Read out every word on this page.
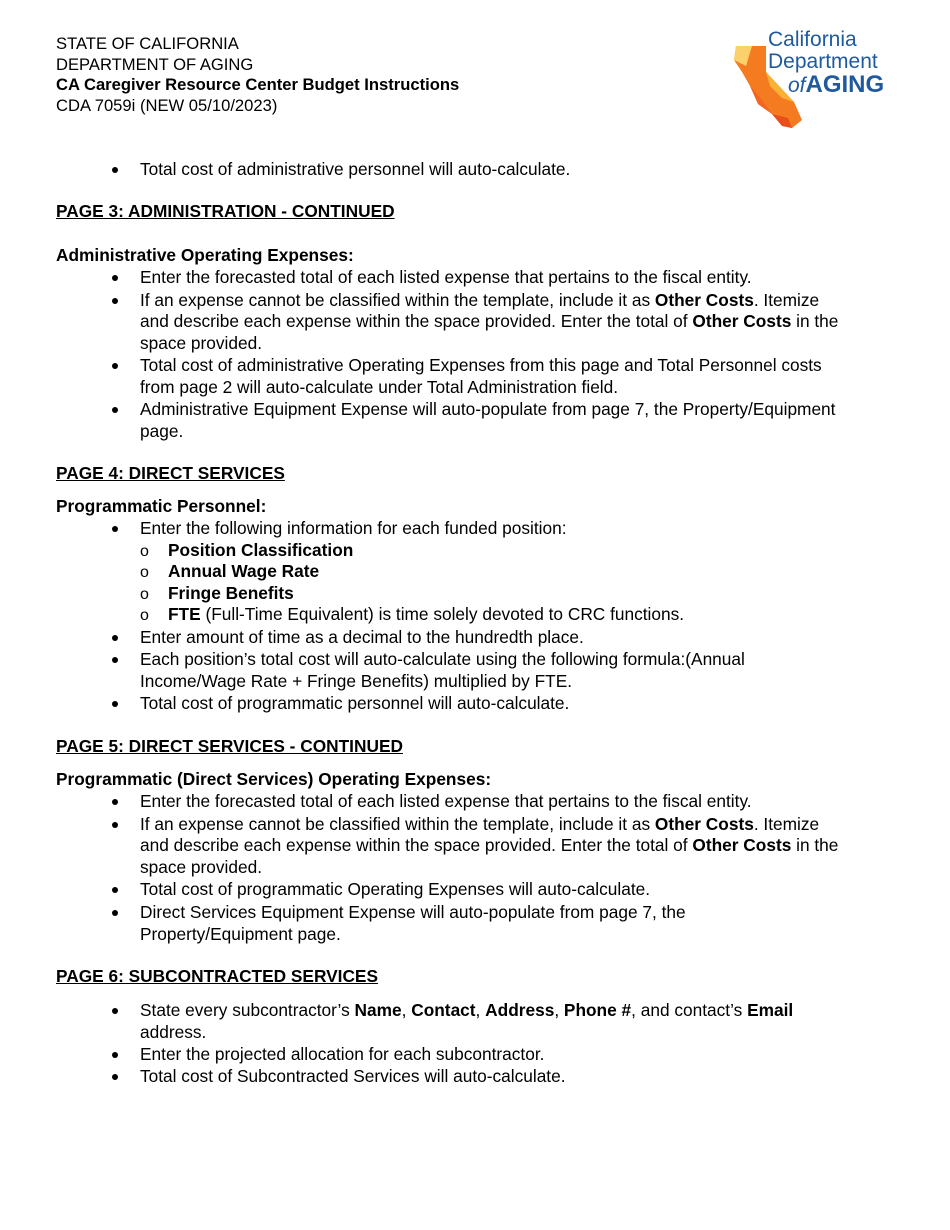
STATE OF CALIFORNIA
DEPARTMENT OF AGING
CA Caregiver Resource Center Budget Instructions
CDA 7059i (NEW 05/10/2023)
California
Department
ofAGING
Total cost of administrative personnel will auto-calculate.
PAGE 3: ADMINISTRATION - CONTINUED
Administrative Operating Expenses:
Enter the forecasted total of each listed expense that pertains to the fiscal entity.
If an expense cannot be classified within the template, include it as Other Costs. Itemize
and describe each expense within the space provided. Enter the total of Other Costs in the
space provided.
Total cost of administrative Operating Expenses from this page and Total Personnel costs
from page 2 will auto-calculate under Total Administration field.
Administrative Equipment Expense will auto-populate from page 7, the Property/Equipment
page.
PAGE 4: DIRECT SERVICES
Programmatic Personnel:
Enter the following information for each funded position:
o Position Classification
o Annual Wage Rate
o Fringe Benefits
o FTE (Full-Time Equivalent) is time solely devoted to CRC functions.
Enter amount of time as a decimal to the hundredth place.
Each position’s total cost will auto-calculate using the following formula:(Annual
Income/Wage Rate + Fringe Benefits) multiplied by FTE.
Total cost of programmatic personnel will auto-calculate.
PAGE 5: DIRECT SERVICES - CONTINUED
Programmatic (Direct Services) Operating Expenses:
Enter the forecasted total of each listed expense that pertains to the fiscal entity.
If an expense cannot be classified within the template, include it as Other Costs. Itemize
and describe each expense within the space provided. Enter the total of Other Costs in the
space provided.
Total cost of programmatic Operating Expenses will auto-calculate.
Direct Services Equipment Expense will auto-populate from page 7, the
Property/Equipment page.
PAGE 6: SUBCONTRACTED SERVICES
State every subcontractor’s Name, Contact, Address, Phone #, and contact’s Email
address.
Enter the projected allocation for each subcontractor.
Total cost of Subcontracted Services will auto-calculate.
